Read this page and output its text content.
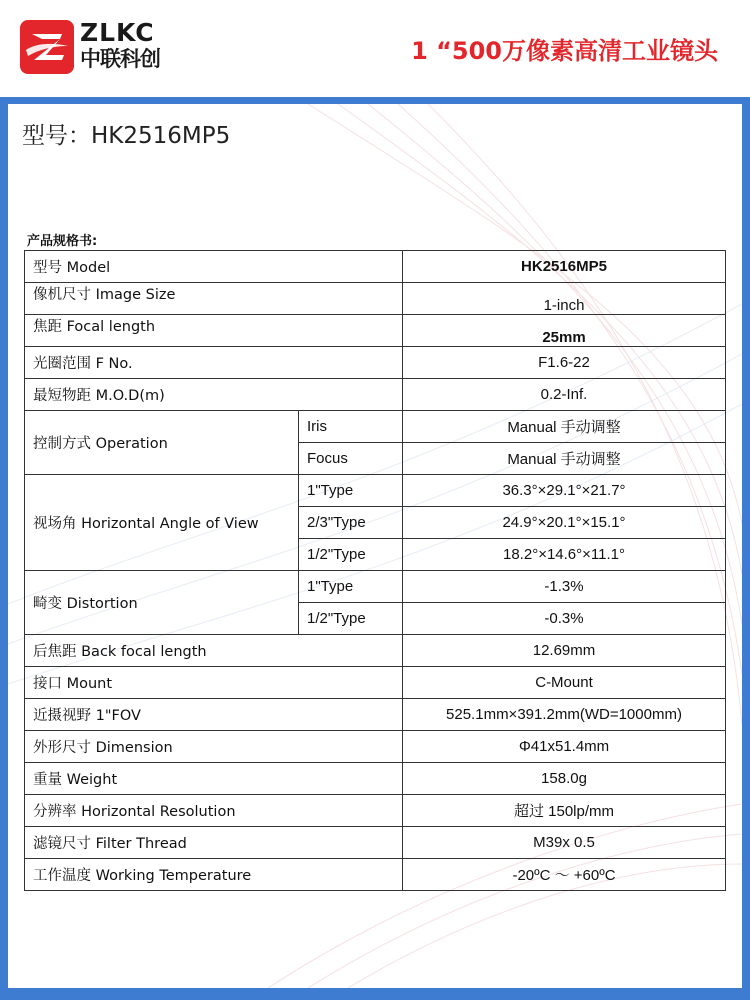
ZLKC
中联科创	1 “500万像素高清工业镜头
型号：HK2516MP5
产品规格书:
型号 Model		HK2516MP5
像机尺寸 Image Size		1-inch
焦距 Focal length		25mm
光圈范围 F No.		F1.6-22
最短物距 M.O.D(m)		0.2-Inf.
控制方式 Operation	Iris	Manual 手动调整
	Focus	Manual 手动调整
视场角 Horizontal Angle of View	1"Type	36.3°×29.1°×21.7°
	2/3"Type	24.9°×20.1°×15.1°
	1/2"Type	18.2°×14.6°×11.1°
畸变 Distortion	1"Type	-1.3%
	1/2"Type	-0.3%
后焦距 Back focal length		12.69mm
接口 Mount		C-Mount
近摄视野 1"FOV		525.1mm×391.2mm(WD=1000mm)
外形尺寸 Dimension		Φ41x51.4mm
重量 Weight		158.0g
分辨率 Horizontal Resolution		超过 150lp/mm
滤镜尺寸 Filter Thread		M39x 0.5
工作温度 Working Temperature		-20ºC ～ +60ºC
